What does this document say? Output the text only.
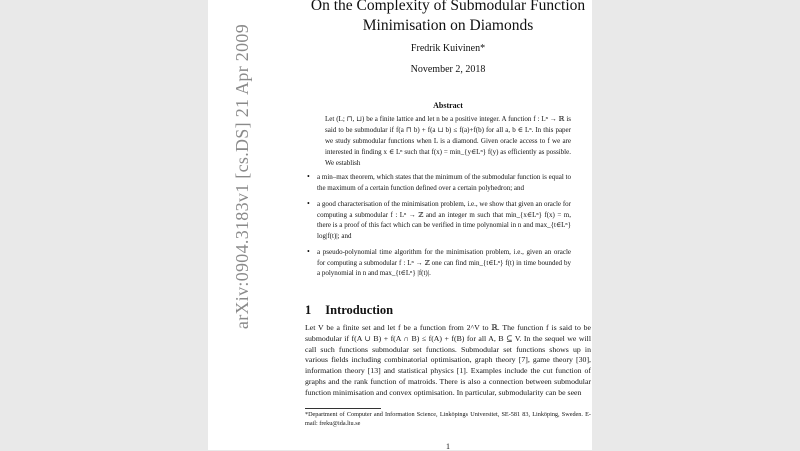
arXiv:0904.3183v1 [cs.DS] 21 Apr 2009
On the Complexity of Submodular Function
Minimisation on Diamonds
Fredrik Kuivinen*
November 2, 2018
Abstract
Let (L; ⊓, ⊔) be a finite lattice and let n be a positive integer. A function f : Lⁿ → ℝ is said to be submodular if f(a ⊓ b) + f(a ⊔ b) ≤ f(a)+f(b) for all a, b ∈ Lⁿ. In this paper we study submodular functions when L is a diamond. Given oracle access to f we are interested in finding x ∈ Lⁿ such that f(x) = min_{y∈Lⁿ} f(y) as efficiently as possible. We establish
• a min–max theorem, which states that the minimum of the submodular function is equal to the maximum of a certain function defined over a certain polyhedron; and
• a good characterisation of the minimisation problem, i.e., we show that given an oracle for computing a submodular f : Lⁿ → ℤ and an integer m such that min_{x∈Lⁿ} f(x) = m, there is a proof of this fact which can be verified in time polynomial in n and max_{t∈Lⁿ} log|f(t)|; and
• a pseudo-polynomial time algorithm for the minimisation problem, i.e., given an oracle for computing a submodular f : Lⁿ → ℤ one can find min_{t∈Lⁿ} f(t) in time bounded by a polynomial in n and max_{t∈Lⁿ} |f(t)|.
1 Introduction
Let V be a finite set and let f be a function from 2^V to ℝ. The function f is said to be submodular if f(A ∪ B) + f(A ∩ B) ≤ f(A) + f(B) for all A, B ⊆ V. In the sequel we will call such functions submodular set functions. Submodular set functions shows up in various fields including combinatorial optimisation, graph theory [7], game theory [30], information theory [13] and statistical physics [1]. Examples include the cut function of graphs and the rank function of matroids. There is also a connection between submodular function minimisation and convex optimisation. In particular, submodularity can be seen
*Department of Computer and Information Science, Linköpings Universitet, SE-581 83, Linköping, Sweden. E-mail: freku@ida.liu.se
1
